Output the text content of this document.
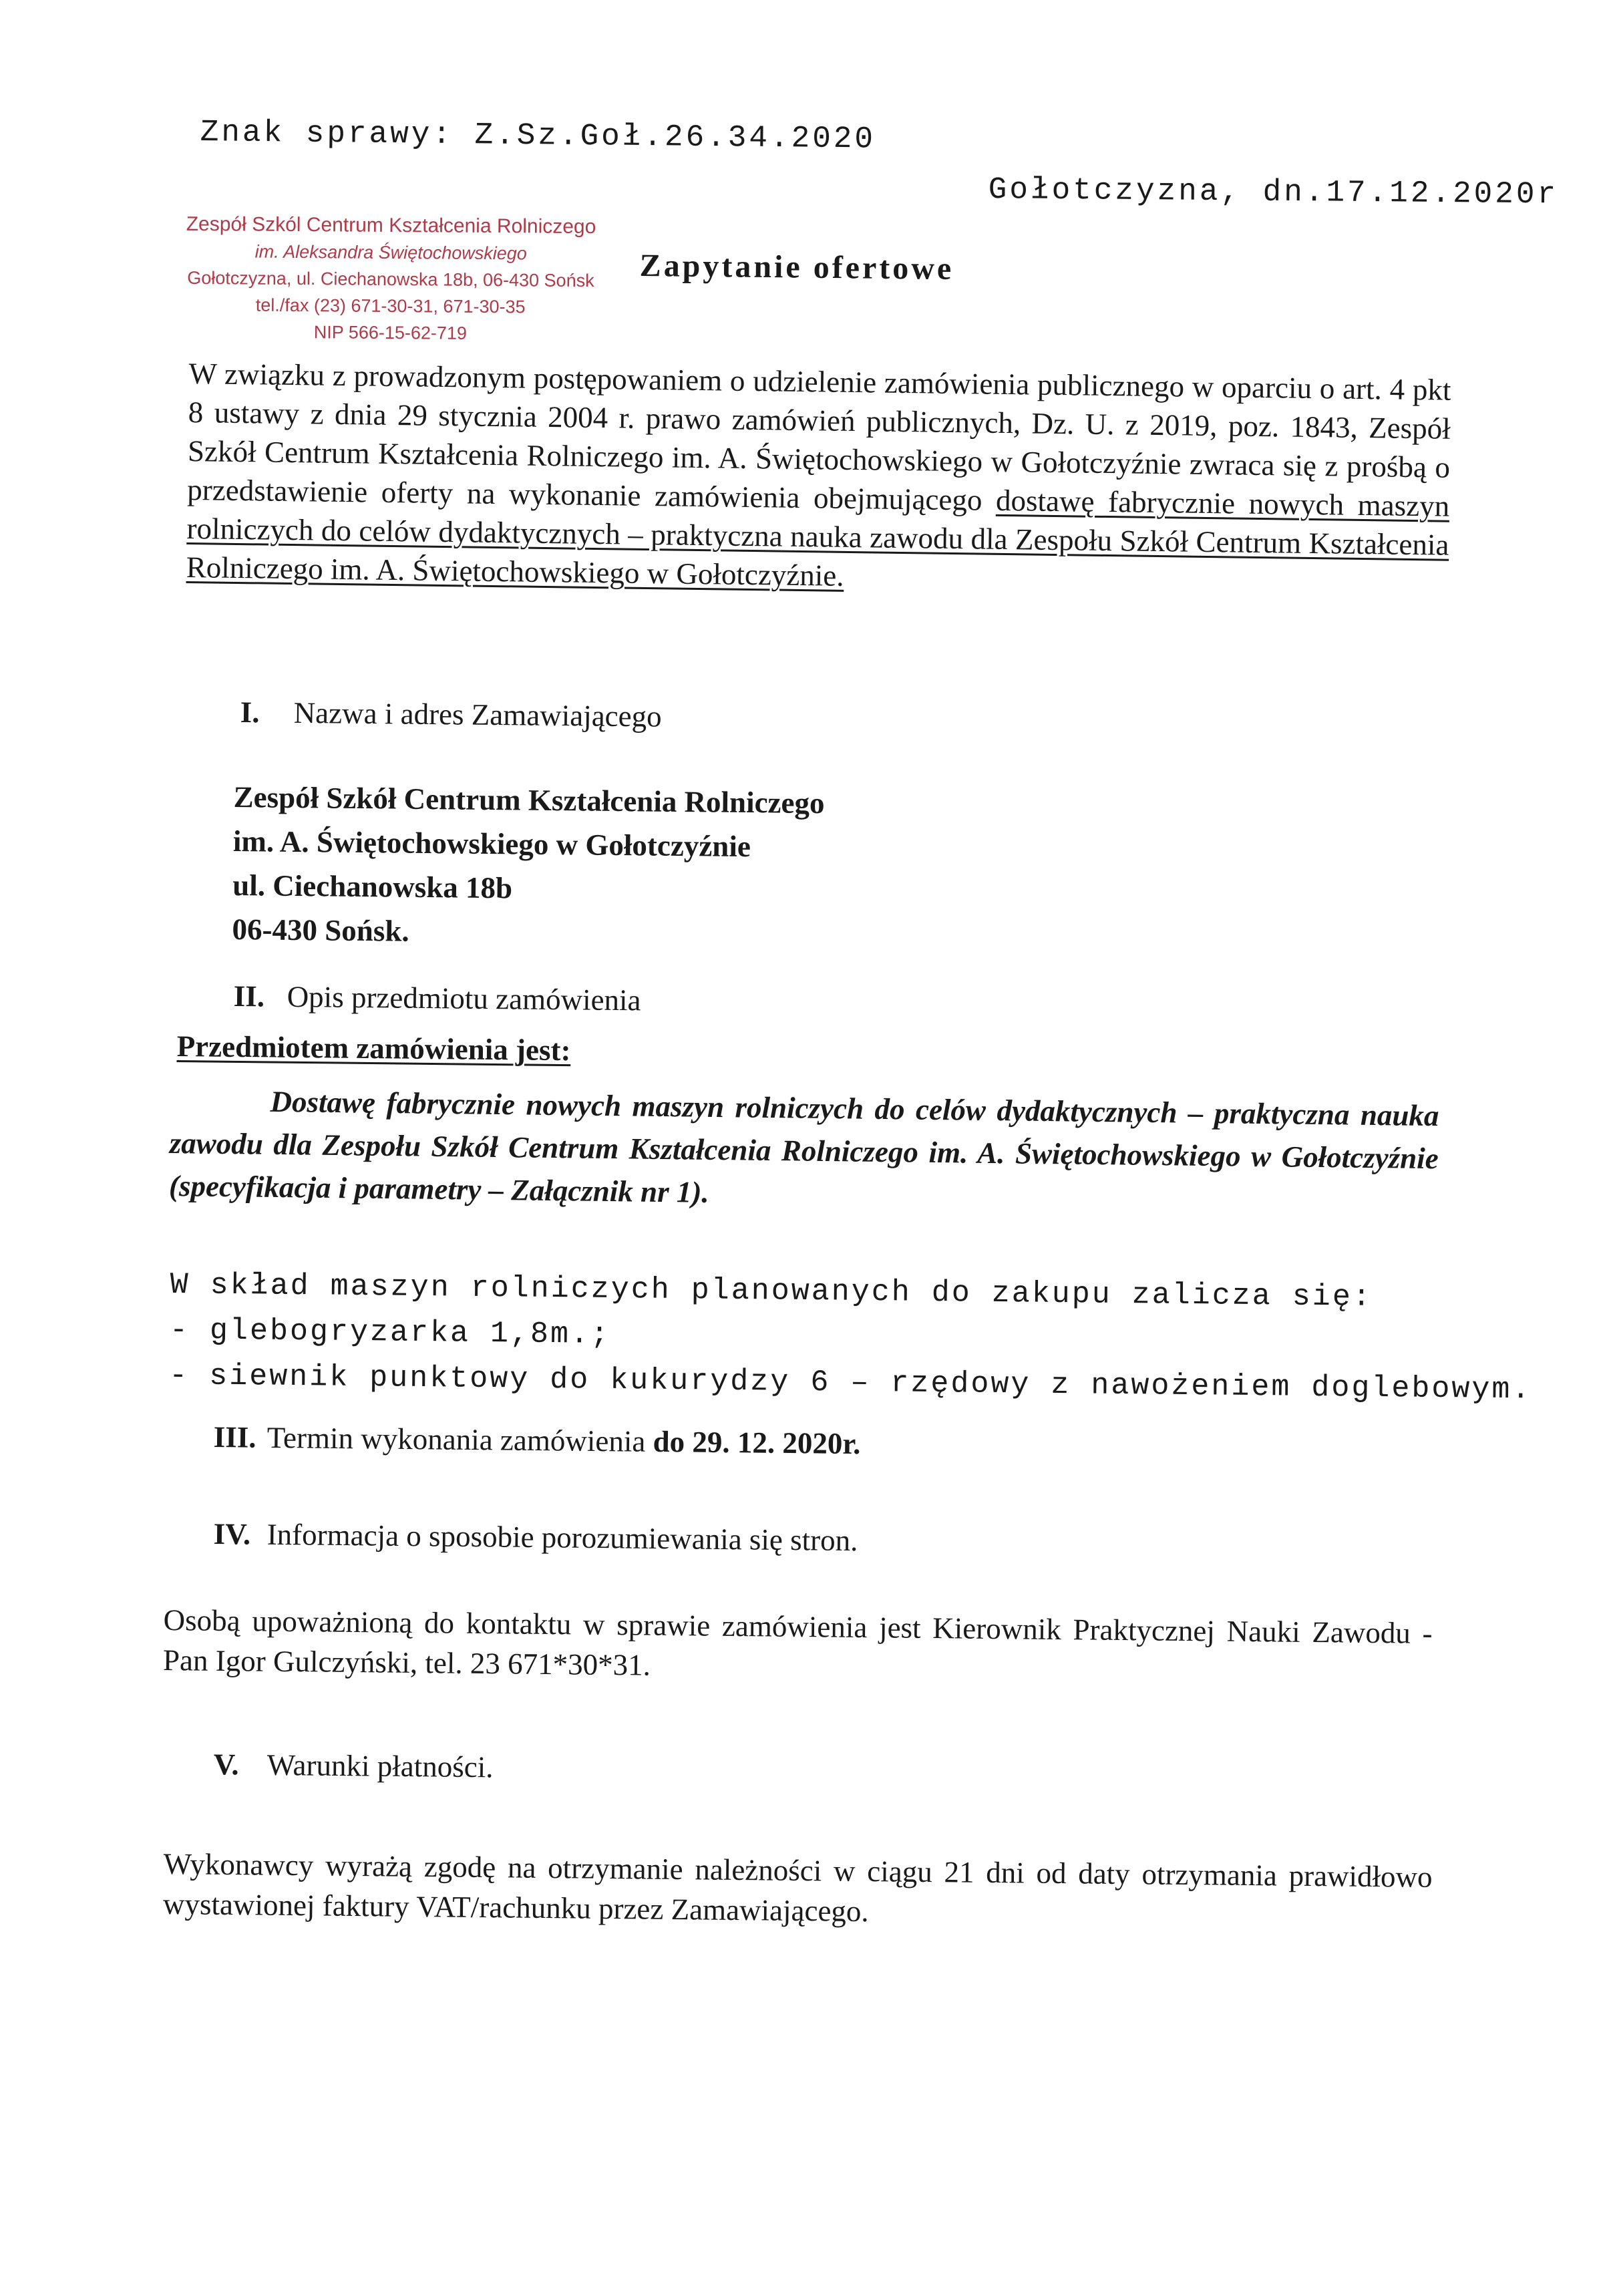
Znak sprawy: Z.Sz.Goł.26.34.2020
Gołotczyzna, dn.17.12.2020r
Zespół Szkól Centrum Kształcenia Rolniczego
im. Aleksandra Świętochowskiego
Gołotczyzna, ul. Ciechanowska 18b, 06-430 Sońsk
tel./fax (23) 671-30-31, 671-30-35
NIP 566-15-62-719
Zapytanie ofertowe
W związku z prowadzonym postępowaniem o udzielenie zamówienia publicznego w oparciu o art. 4 pkt 8 ustawy z dnia 29 stycznia 2004 r. prawo zamówień publicznych, Dz. U. z 2019, poz. 1843, Zespół Szkół Centrum Kształcenia Rolniczego im. A. Świętochowskiego w Gołotczyźnie zwraca się z prośbą o przedstawienie oferty na wykonanie zamówienia obejmującego dostawę fabrycznie nowych maszyn rolniczych do celów dydaktycznych – praktyczna nauka zawodu dla Zespołu Szkół Centrum Kształcenia Rolniczego im. A. Świętochowskiego w Gołotczyźnie.
I. Nazwa i adres Zamawiającego
Zespół Szkół Centrum Kształcenia Rolniczego
im. A. Świętochowskiego w Gołotczyźnie
ul. Ciechanowska 18b
06-430 Sońsk.
II. Opis przedmiotu zamówienia
Przedmiotem zamówienia jest:
Dostawę fabrycznie nowych maszyn rolniczych do celów dydaktycznych – praktyczna nauka zawodu dla Zespołu Szkół Centrum Kształcenia Rolniczego im. A. Świętochowskiego w Gołotczyźnie (specyfikacja i parametry – Załącznik nr 1).
W skład maszyn rolniczych planowanych do zakupu zalicza się:
- glebogryzarka 1,8m.;
- siewnik punktowy do kukurydzy 6 – rzędowy z nawożeniem doglebowym.
III. Termin wykonania zamówienia do 29. 12. 2020r.
IV. Informacja o sposobie porozumiewania się stron.
Osobą upoważnioną do kontaktu w sprawie zamówienia jest Kierownik Praktycznej Nauki Zawodu - Pan Igor Gulczyński, tel. 23 671*30*31.
V. Warunki płatności.
Wykonawcy wyrażą zgodę na otrzymanie należności w ciągu 21 dni od daty otrzymania prawidłowo wystawionej faktury VAT/rachunku przez Zamawiającego.
